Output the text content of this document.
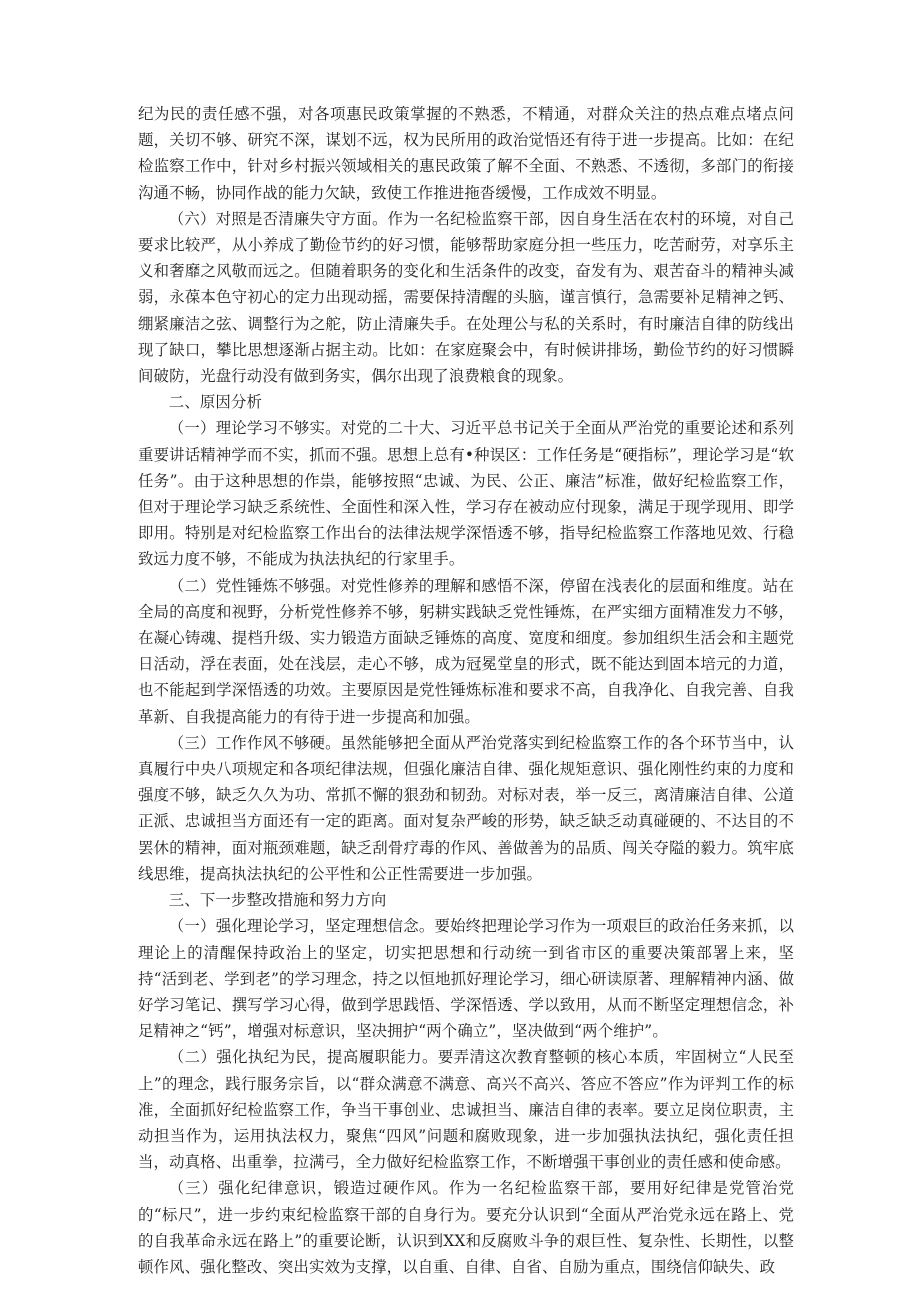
纪为民的责任感不强，对各项惠民政策掌握的不熟悉，不精通，对群众关注的热点难点堵点问题，关切不够、研究不深，谋划不远，权为民所用的政治觉悟还有待于进一步提高。比如：在纪检监察工作中，针对乡村振兴领域相关的惠民政策了解不全面、不熟悉、不透彻，多部门的衔接沟通不畅，协同作战的能力欠缺，致使工作推进拖沓缓慢，工作成效不明显。

（六）对照是否清廉失守方面。作为一名纪检监察干部，因自身生活在农村的环境，对自己要求比较严，从小养成了勤俭节约的好习惯，能够帮助家庭分担一些压力，吃苦耐劳，对享乐主义和奢靡之风敬而远之。但随着职务的变化和生活条件的改变，奋发有为、艰苦奋斗的精神头减弱，永葆本色守初心的定力出现动摇，需要保持清醒的头脑，谨言慎行，急需要补足精神之钙、绷紧廉洁之弦、调整行为之舵，防止清廉失手。在处理公与私的关系时，有时廉洁自律的防线出现了缺口，攀比思想逐渐占据主动。比如：在家庭聚会中，有时候讲排场，勤俭节约的好习惯瞬间破防，光盘行动没有做到务实，偶尔出现了浪费粮食的现象。

二、原因分析

（一）理论学习不够实。对党的二十大、习近平总书记关于全面从严治党的重要论述和系列重要讲话精神学而不实，抓而不强。思想上总有•种误区：工作任务是“硬指标”，理论学习是“软任务”。由于这种思想的作祟，能够按照“忠诚、为民、公正、廉洁”标准，做好纪检监察工作，但对于理论学习缺乏系统性、全面性和深入性，学习存在被动应付现象，满足于现学现用、即学即用。特别是对纪检监察工作出台的法律法规学深悟透不够，指导纪检监察工作落地见效、行稳致远力度不够，不能成为执法执纪的行家里手。

（二）党性锤炼不够强。对党性修养的理解和感悟不深，停留在浅表化的层面和维度。站在全局的高度和视野，分析党性修养不够，躬耕实践缺乏党性锤炼，在严实细方面精准发力不够，在凝心铸魂、提档升级、实力锻造方面缺乏锤炼的高度、宽度和细度。参加组织生活会和主题党日活动，浮在表面，处在浅层，走心不够，成为冠冕堂皇的形式，既不能达到固本培元的力道，也不能起到学深悟透的功效。主要原因是党性锤炼标准和要求不高，自我净化、自我完善、自我革新、自我提高能力的有待于进一步提高和加强。

（三）工作作风不够硬。虽然能够把全面从严治党落实到纪检监察工作的各个环节当中，认真履行中央八项规定和各项纪律法规，但强化廉洁自律、强化规矩意识、强化刚性约束的力度和强度不够，缺乏久久为功、常抓不懈的狠劲和韧劲。对标对表，举一反三，离清廉洁自律、公道正派、忠诚担当方面还有一定的距离。面对复杂严峻的形势，缺乏缺乏动真碰硬的、不达目的不罢休的精神，面对瓶颈难题，缺乏刮骨疗毒的作风、善做善为的品质、闯关夺隘的毅力。筑牢底线思维，提高执法执纪的公平性和公正性需要进一步加强。

三、下一步整改措施和努力方向

（一）强化理论学习，坚定理想信念。要始终把理论学习作为一项艰巨的政治任务来抓，以理论上的清醒保持政治上的坚定，切实把思想和行动统一到省市区的重要决策部署上来，坚持“活到老、学到老”的学习理念，持之以恒地抓好理论学习，细心研读原著、理解精神内涵、做好学习笔记、撰写学习心得，做到学思践悟、学深悟透、学以致用，从而不断坚定理想信念，补足精神之“钙”，增强对标意识，坚决拥护“两个确立”，坚决做到“两个维护”。

（二）强化执纪为民，提高履职能力。要弄清这次教育整顿的核心本质，牢固树立“人民至上”的理念，践行服务宗旨，以“群众满意不满意、高兴不高兴、答应不答应”作为评判工作的标准，全面抓好纪检监察工作，争当干事创业、忠诚担当、廉洁自律的表率。要立足岗位职责，主动担当作为，运用执法权力，聚焦“四风”问题和腐败现象，进一步加强执法执纪，强化责任担当，动真格、出重拳，拉满弓，全力做好纪检监察工作，不断增强干事创业的责任感和使命感。

（三）强化纪律意识，锻造过硬作风。作为一名纪检监察干部，要用好纪律是党管治党的“标尺”，进一步约束纪检监察干部的自身行为。要充分认识到“全面从严治党永远在路上、党的自我革命永远在路上”的重要论断，认识到XX和反腐败斗争的艰巨性、复杂性、长期性，以整顿作风、强化整改、突出实效为支撑，以自重、自律、自省、自励为重点，围绕信仰缺失、政
